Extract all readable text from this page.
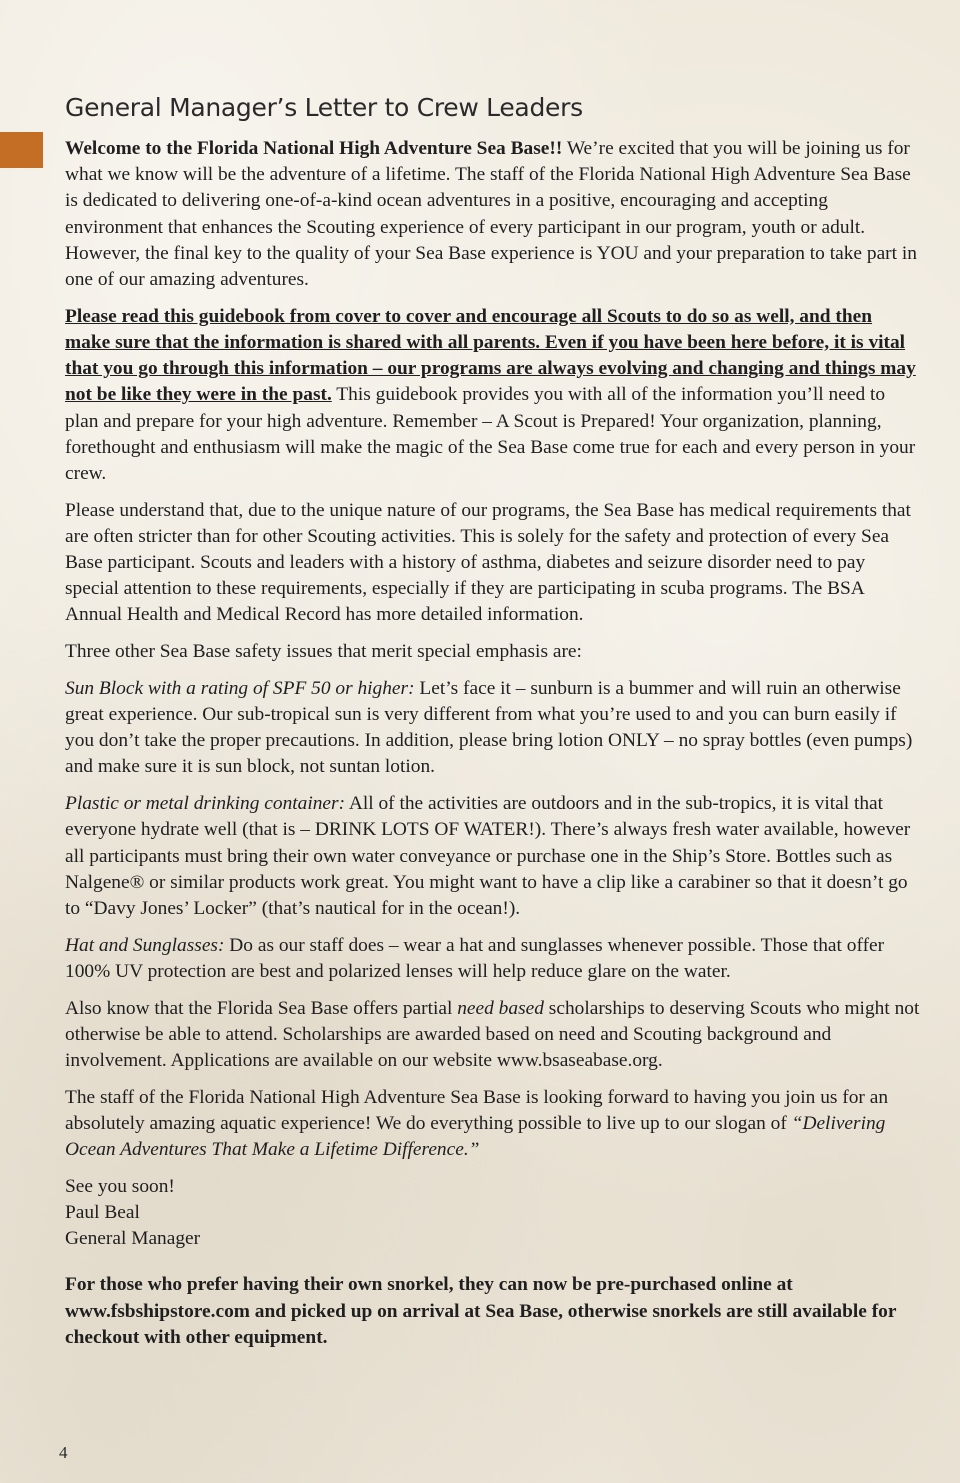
General Manager’s Letter to Crew Leaders

Welcome to the Florida National High Adventure Sea Base!! We’re excited that you will be joining us for what we know will be the adventure of a lifetime. The staff of the Florida National High Adventure Sea Base is dedicated to delivering one-of-a-kind ocean adventures in a positive, encouraging and accepting environment that enhances the Scouting experience of every participant in our program, youth or adult. However, the final key to the quality of your Sea Base experience is YOU and your preparation to take part in one of our amazing adventures.

Please read this guidebook from cover to cover and encourage all Scouts to do so as well, and then make sure that the information is shared with all parents. Even if you have been here before, it is vital that you go through this information – our programs are always evolving and changing and things may not be like they were in the past. This guidebook provides you with all of the information you’ll need to plan and prepare for your high adventure. Remember – A Scout is Prepared! Your organization, planning, forethought and enthusiasm will make the magic of the Sea Base come true for each and every person in your crew.

Please understand that, due to the unique nature of our programs, the Sea Base has medical requirements that are often stricter than for other Scouting activities. This is solely for the safety and protection of every Sea Base participant. Scouts and leaders with a history of asthma, diabetes and seizure disorder need to pay special attention to these requirements, especially if they are participating in scuba programs. The BSA Annual Health and Medical Record has more detailed information.

Three other Sea Base safety issues that merit special emphasis are:

Sun Block with a rating of SPF 50 or higher: Let’s face it – sunburn is a bummer and will ruin an otherwise great experience. Our sub-tropical sun is very different from what you’re used to and you can burn easily if you don’t take the proper precautions. In addition, please bring lotion ONLY – no spray bottles (even pumps) and make sure it is sun block, not suntan lotion.

Plastic or metal drinking container: All of the activities are outdoors and in the sub-tropics, it is vital that everyone hydrate well (that is – DRINK LOTS OF WATER!). There’s always fresh water available, however all participants must bring their own water conveyance or purchase one in the Ship’s Store. Bottles such as Nalgene® or similar products work great. You might want to have a clip like a carabiner so that it doesn’t go to “Davy Jones’ Locker” (that’s nautical for in the ocean!).

Hat and Sunglasses: Do as our staff does – wear a hat and sunglasses whenever possible. Those that offer 100% UV protection are best and polarized lenses will help reduce glare on the water.

Also know that the Florida Sea Base offers partial need based scholarships to deserving Scouts who might not otherwise be able to attend. Scholarships are awarded based on need and Scouting background and involvement. Applications are available on our website www.bsaseabase.org.

The staff of the Florida National High Adventure Sea Base is looking forward to having you join us for an absolutely amazing aquatic experience! We do everything possible to live up to our slogan of “Delivering Ocean Adventures That Make a Lifetime Difference.”

See you soon!
Paul Beal
General Manager

For those who prefer having their own snorkel, they can now be pre-purchased online at www.fsbshipstore.com and picked up on arrival at Sea Base, otherwise snorkels are still available for checkout with other equipment.

4
